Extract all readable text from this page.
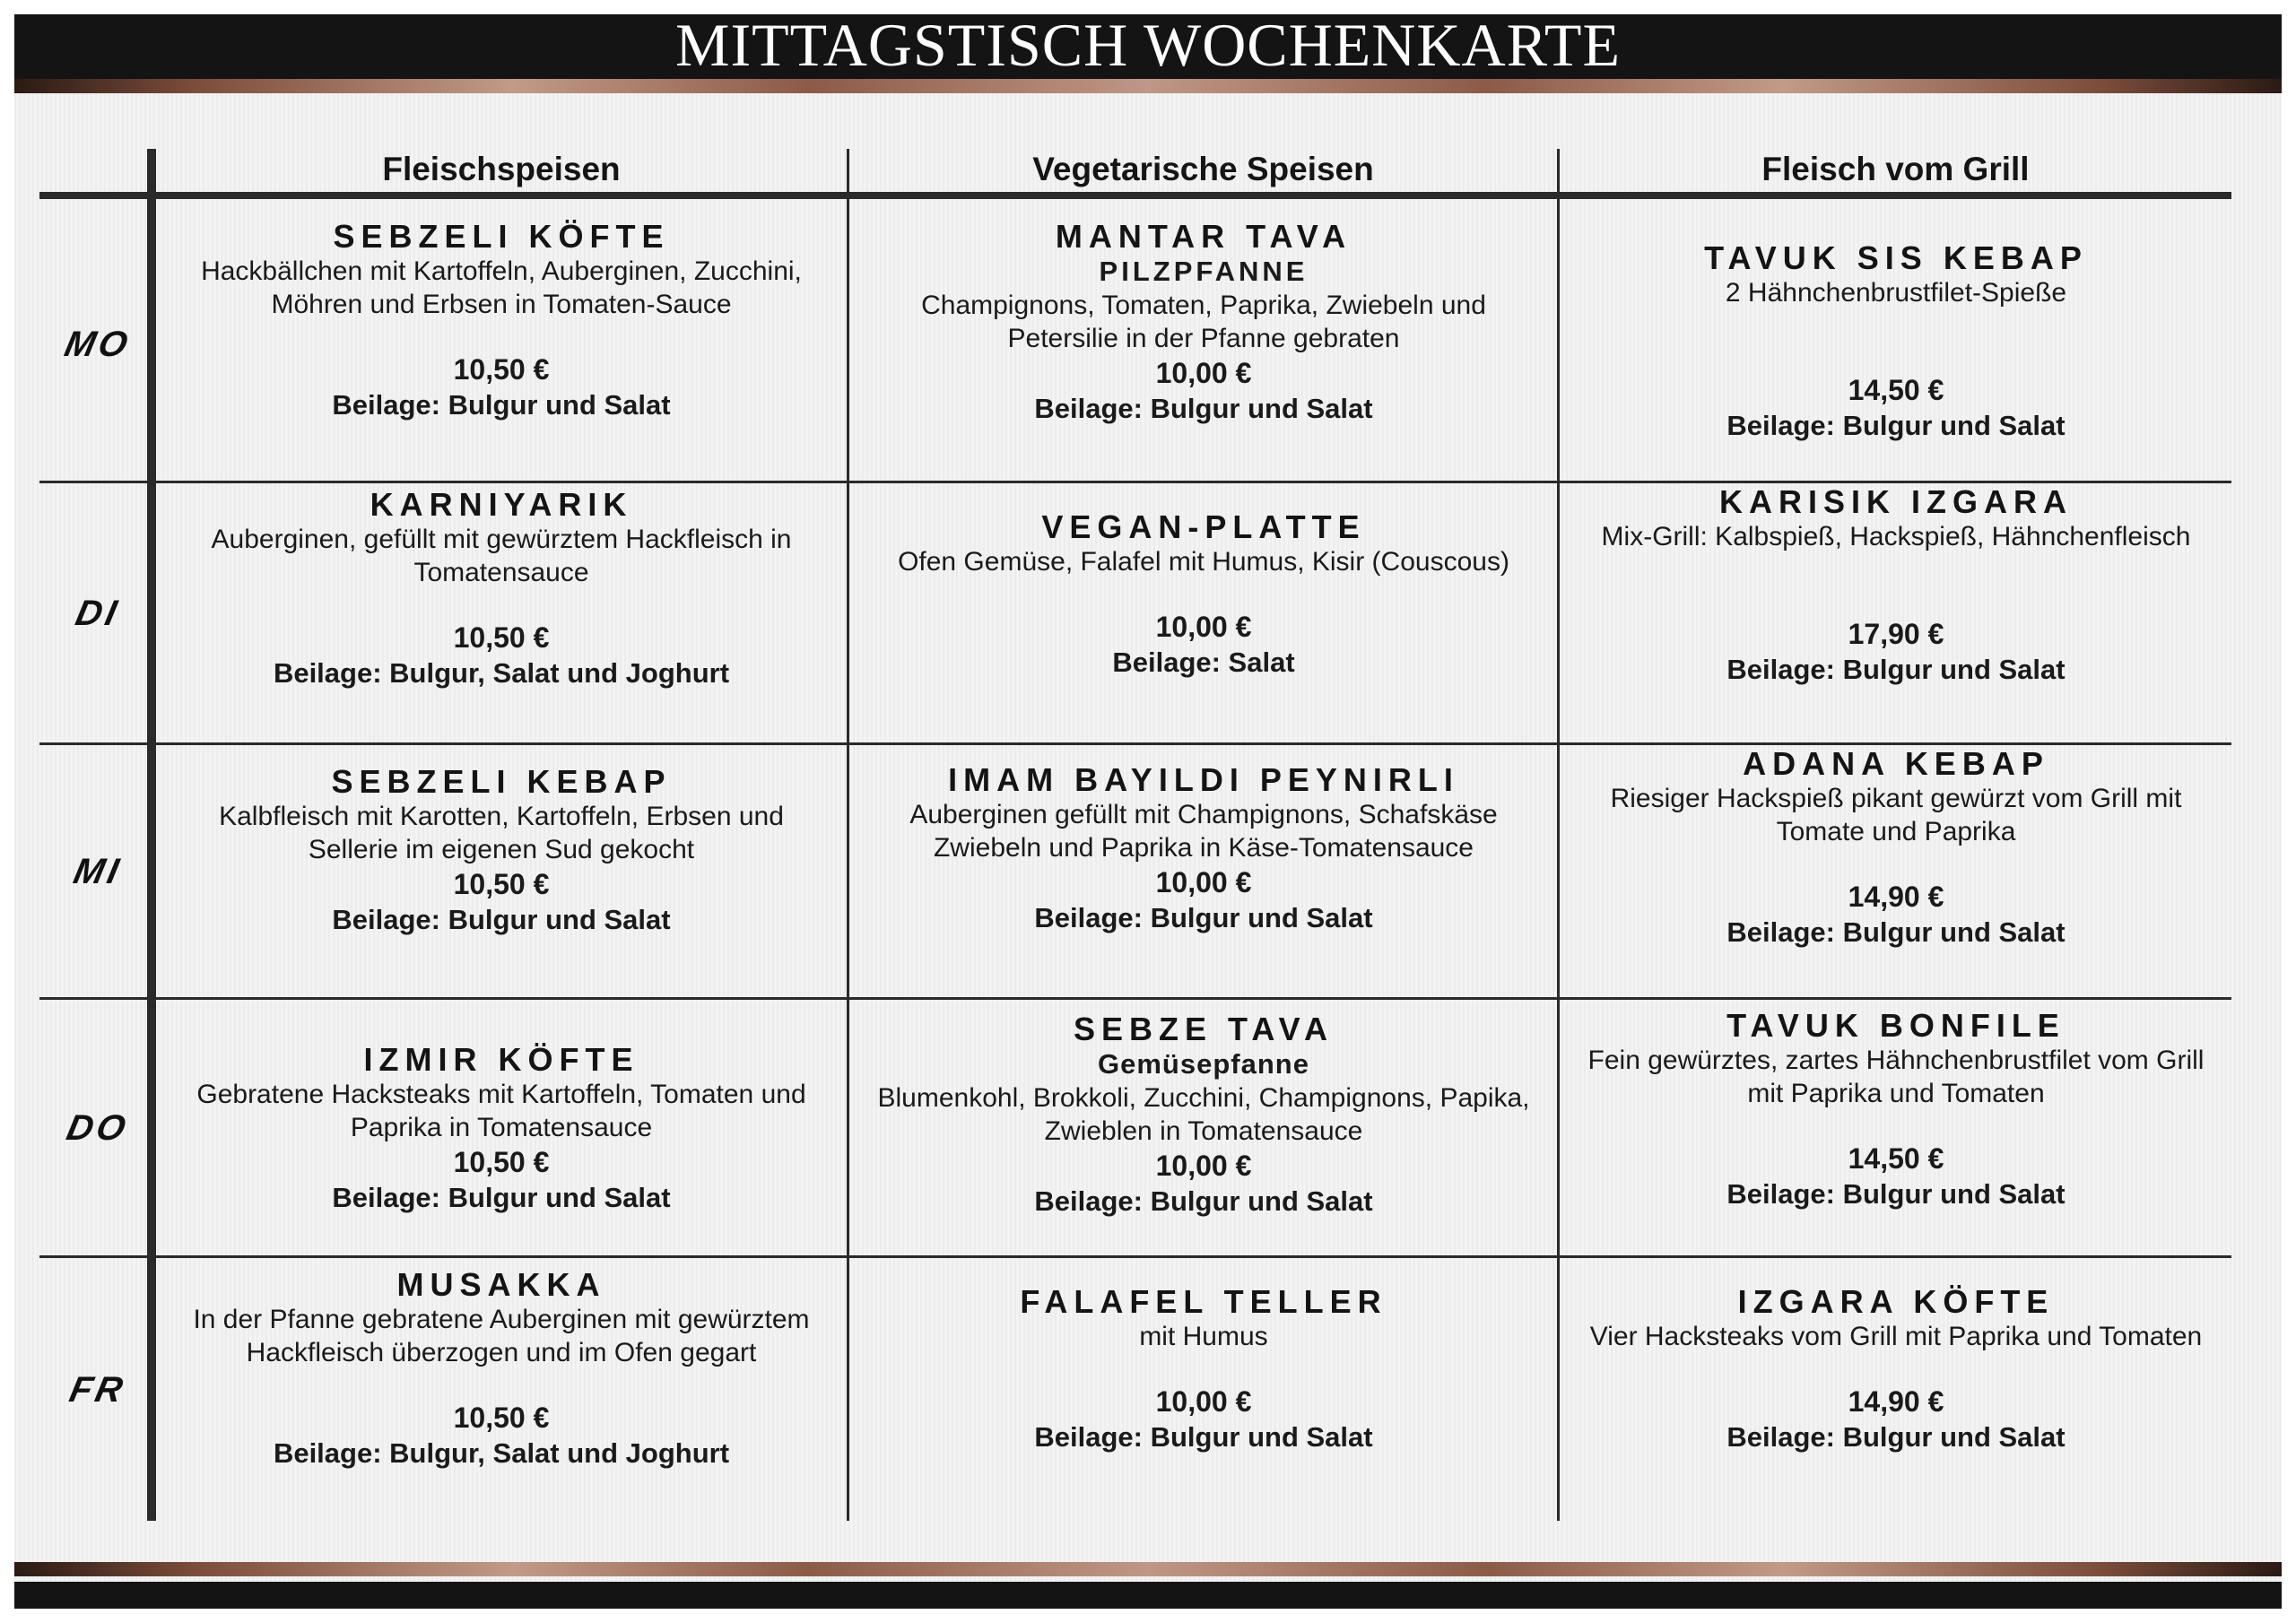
MITTAGSTISCH WOCHENKARTE
Fleischspeisen	Vegetarische Speisen	Fleisch vom Grill
MO
DI
MI
DO
FR
SEBZELI KÖFTE
Hackbällchen mit Kartoffeln, Auberginen, Zucchini, Möhren und Erbsen in Tomaten-Sauce
10,50 €
Beilage: Bulgur und Salat
MANTAR TAVA
PILZPFANNE
Champignons, Tomaten, Paprika, Zwiebeln und Petersilie in der Pfanne gebraten
10,00 €
Beilage: Bulgur und Salat
TAVUK SIS KEBAP
2 Hähnchenbrustfilet-Spieße
14,50 €
Beilage: Bulgur und Salat
KARNIYARIK
Auberginen, gefüllt mit gewürztem Hackfleisch in Tomatensauce
10,50 €
Beilage: Bulgur, Salat und Joghurt
VEGAN-PLATTE
Ofen Gemüse, Falafel mit Humus, Kisir (Couscous)
10,00 €
Beilage: Salat
KARISIK IZGARA
Mix-Grill: Kalbspieß, Hackspieß, Hähnchenfleisch
17,90 €
Beilage: Bulgur und Salat
SEBZELI KEBAP
Kalbfleisch mit Karotten, Kartoffeln, Erbsen und Sellerie im eigenen Sud gekocht
10,50 €
Beilage: Bulgur und Salat
IMAM BAYILDI PEYNIRLI
Auberginen gefüllt mit Champignons, Schafskäse Zwiebeln und Paprika in Käse-Tomatensauce
10,00 €
Beilage: Bulgur und Salat
ADANA KEBAP
Riesiger Hackspieß pikant gewürzt vom Grill mit Tomate und Paprika
14,90 €
Beilage: Bulgur und Salat
IZMIR KÖFTE
Gebratene Hacksteaks mit Kartoffeln, Tomaten und Paprika in Tomatensauce
10,50 €
Beilage: Bulgur und Salat
SEBZE TAVA
Gemüsepfanne
Blumenkohl, Brokkoli, Zucchini, Champignons, Papika, Zwieblen in Tomatensauce
10,00 €
Beilage: Bulgur und Salat
TAVUK BONFILE
Fein gewürztes, zartes Hähnchenbrustfilet vom Grill mit Paprika und Tomaten
14,50 €
Beilage: Bulgur und Salat
MUSAKKA
In der Pfanne gebratene Auberginen mit gewürztem Hackfleisch überzogen und im Ofen gegart
10,50 €
Beilage: Bulgur, Salat und Joghurt
FALAFEL TELLER
mit Humus
10,00 €
Beilage: Bulgur und Salat
IZGARA KÖFTE
Vier Hacksteaks vom Grill mit Paprika und Tomaten
14,90 €
Beilage: Bulgur und Salat
